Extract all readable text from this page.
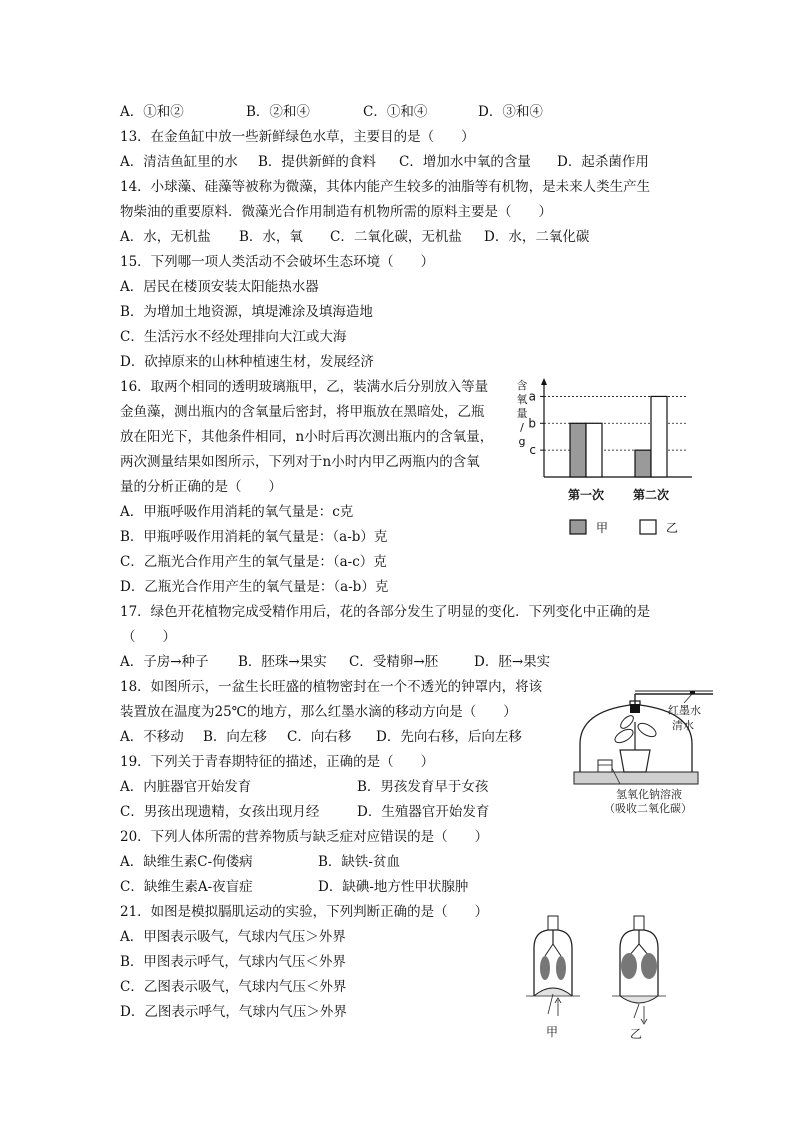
A．①和②	B．②和④	C．①和④	D．③和④
13．在金鱼缸中放一些新鲜绿色水草，主要目的是（　　）
A．清洁鱼缸里的水 B．提供新鲜的食料 C．增加水中氧的含量 D．起杀菌作用
14．小球藻、硅藻等被称为微藻，其体内能产生较多的油脂等有机物，是未来人类生产生
物柴油的重要原料．微藻光合作用制造有机物所需的原料主要是（　　）
A．水，无机盐 B．水，氧 C．二氧化碳，无机盐 D．水，二氧化碳
15．下列哪一项人类活动不会破坏生态环境（　　）
A．居民在楼顶安装太阳能热水器
B．为增加土地资源，填堤滩涂及填海造地
C．生活污水不经处理排向大江或大海
D．砍掉原来的山林种植速生材，发展经济
16．取两个相同的透明玻璃瓶甲，乙，装满水后分别放入等量
金鱼藻，测出瓶内的含氧量后密封，将甲瓶放在黑暗处，乙瓶
放在阳光下，其他条件相同，n小时后再次测出瓶内的含氧量，
两次测量结果如图所示，下列对于n小时内甲乙两瓶内的含氧
量的分析正确的是（　　）
A．甲瓶呼吸作用消耗的氧气量是：c克
B．甲瓶呼吸作用消耗的氧气量是：（a-b）克
C．乙瓶光合作用产生的氧气量是：（a-c）克
D．乙瓶光合作用产生的氧气量是：（a-b）克
含
氧
量
/
g
a
b
c
第一次 第二次
甲	乙
17．绿色开花植物完成受精作用后，花的各部分发生了明显的变化．下列变化中正确的是
（　　）
A．子房→种子 B．胚珠→果实 C．受精卵→胚	D．胚→果实
18．如图所示，一盆生长旺盛的植物密封在一个不透光的钟罩内，将该
装置放在温度为25℃的地方，那么红墨水滴的移动方向是（　　）
A．不移动 B．向左移 C．向右移 D．先向右移，后向左移
红墨水
清水
氢氧化钠溶液
（吸收二氧化碳）
19．下列关于青春期特征的描述，正确的是（　　）
A．内脏器官开始发育	B．男孩发育早于女孩
C．男孩出现遗精，女孩出现月经	D．生殖器官开始发育
20．下列人体所需的营养物质与缺乏症对应错误的是（　　）
A．缺维生素C-佝偻病	B．缺铁-贫血
C．缺维生素A-夜盲症	D．缺碘-地方性甲状腺肿
21．如图是模拟膈肌运动的实验，下列判断正确的是（　　）
A．甲图表示吸气，气球内气压＞外界
B．甲图表示呼气，气球内气压＜外界
C．乙图表示吸气，气球内气压＜外界
D．乙图表示呼气，气球内气压＞外界
甲	乙
